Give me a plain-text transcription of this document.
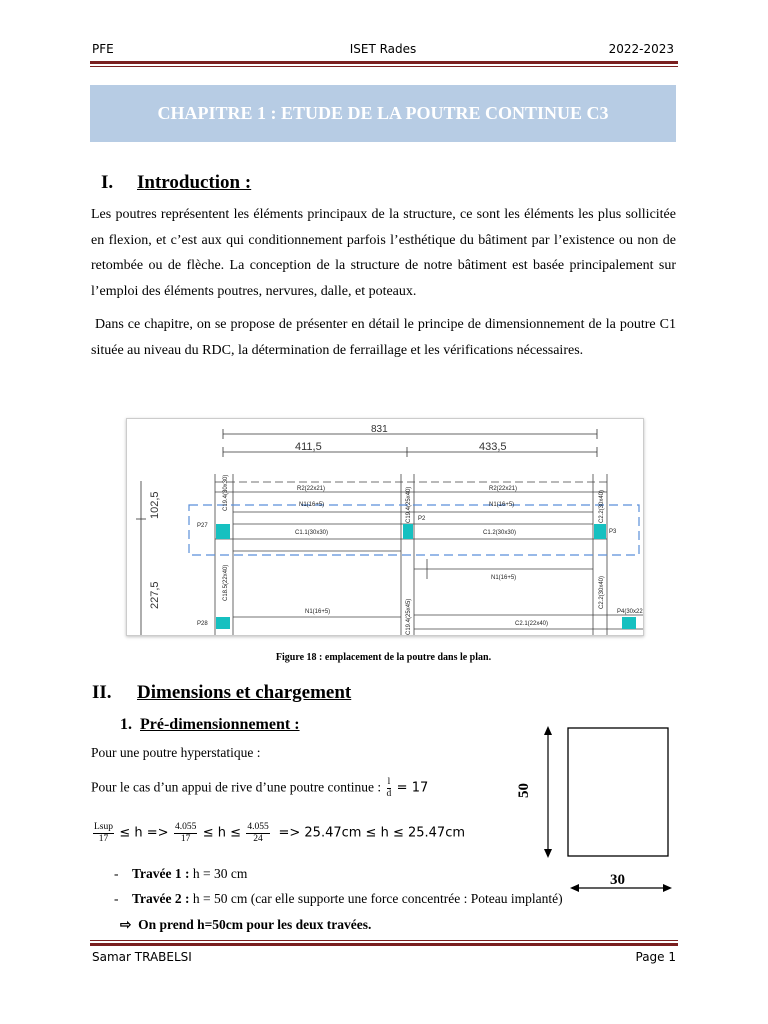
PFE	ISET Rades	2022-2023
CHAPITRE 1 : ETUDE DE LA POUTRE CONTINUE C3
I. Introduction :
Les poutres représentent les éléments principaux de la structure, ce sont les éléments les plus sollicitée en flexion, et c’est aux qui conditionnement parfois l’esthétique du bâtiment par l’existence ou non de retombée ou de flèche. La conception de la structure de notre bâtiment est basée principalement sur l’emploi des éléments poutres, nervures, dalle, et poteaux.
Dans ce chapitre, on se propose de présenter en détail le principe de dimensionnement de la poutre C1 située au niveau du RDC, la détermination de ferraillage et les vérifications nécessaires.
831
411,5	433,5
102,5
227,5
R2(22x21)	R2(22x21)
N1(16+5)	N1(16+5)
C1.1(30x30)	C1.2(30x30)
N1(16+5)
N1(16+5)
C2.1(22x40)
P27
P2
P3
P28
P4(30x22
C19.4(30x30)	C19.4(25x40)	C2.2(30x40)
C18.5(22x40)
C19.4(25x45)
C2.2(30x40)
Figure 18 : emplacement de la poutre dans le plan.
II. Dimensions et chargement
1. Pré-dimensionnement :
Pour une poutre hyperstatique :
Pour le cas d’un appui de rive d’une poutre continue : $\frac{l}{d} = 17$
$\frac{\text{Lsup}}{17} \le h => \frac{4.055}{17} \le h \le \frac{4.055}{24} => 25.47cm \le h \le 25.47cm$
- Travée 1 : h = 30 cm
- Travée 2 : h = 50 cm (car elle supporte une force concentrée : Poteau implanté)
⇨ On prend h=50cm pour les deux travées.
50
30
Samar TRABELSI	Page 1
